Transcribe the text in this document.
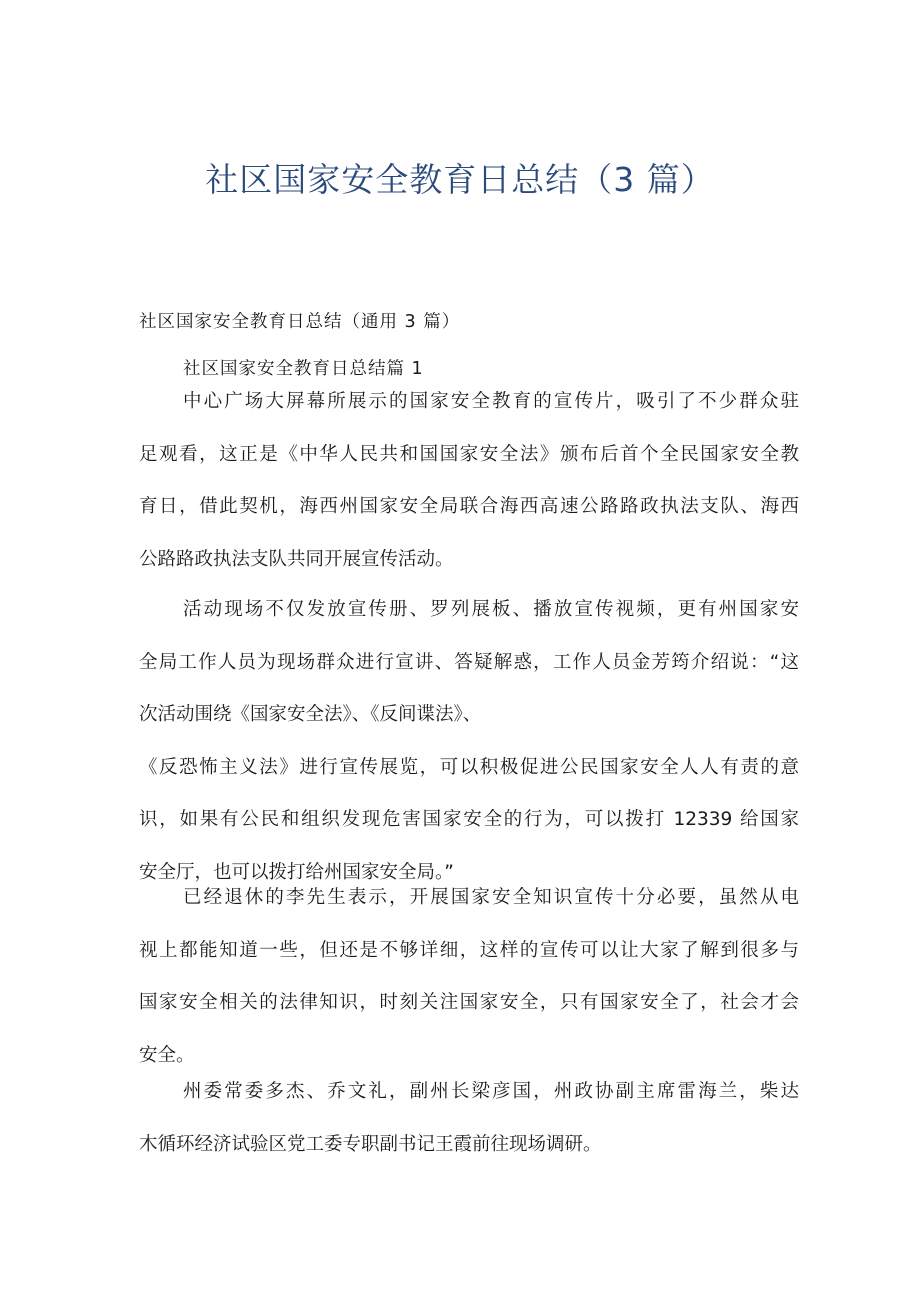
社区国家安全教育日总结（3 篇）

社区国家安全教育日总结（通用 3 篇）

社区国家安全教育日总结篇 1

中心广场大屏幕所展示的国家安全教育的宣传片，吸引了不少群众驻
足观看，这正是《中华人民共和国国家安全法》颁布后首个全民国家安全教
育日，借此契机，海西州国家安全局联合海西高速公路路政执法支队、海西
公路路政执法支队共同开展宣传活动。
活动现场不仅发放宣传册、罗列展板、播放宣传视频，更有州国家安
全局工作人员为现场群众进行宣讲、答疑解惑，工作人员金芳筠介绍说：“这
次活动围绕《国家安全法》、《反间谍法》、
《反恐怖主义法》进行宣传展览，可以积极促进公民国家安全人人有责的意
识，如果有公民和组织发现危害国家安全的行为，可以拨打 12339 给国家
安全厅，也可以拨打给州国家安全局。”
已经退休的李先生表示，开展国家安全知识宣传十分必要，虽然从电
视上都能知道一些，但还是不够详细，这样的宣传可以让大家了解到很多与
国家安全相关的法律知识，时刻关注国家安全，只有国家安全了，社会才会
安全。
州委常委多杰、乔文礼，副州长梁彦国，州政协副主席雷海兰，柴达
木循环经济试验区党工委专职副书记王霞前往现场调研。
